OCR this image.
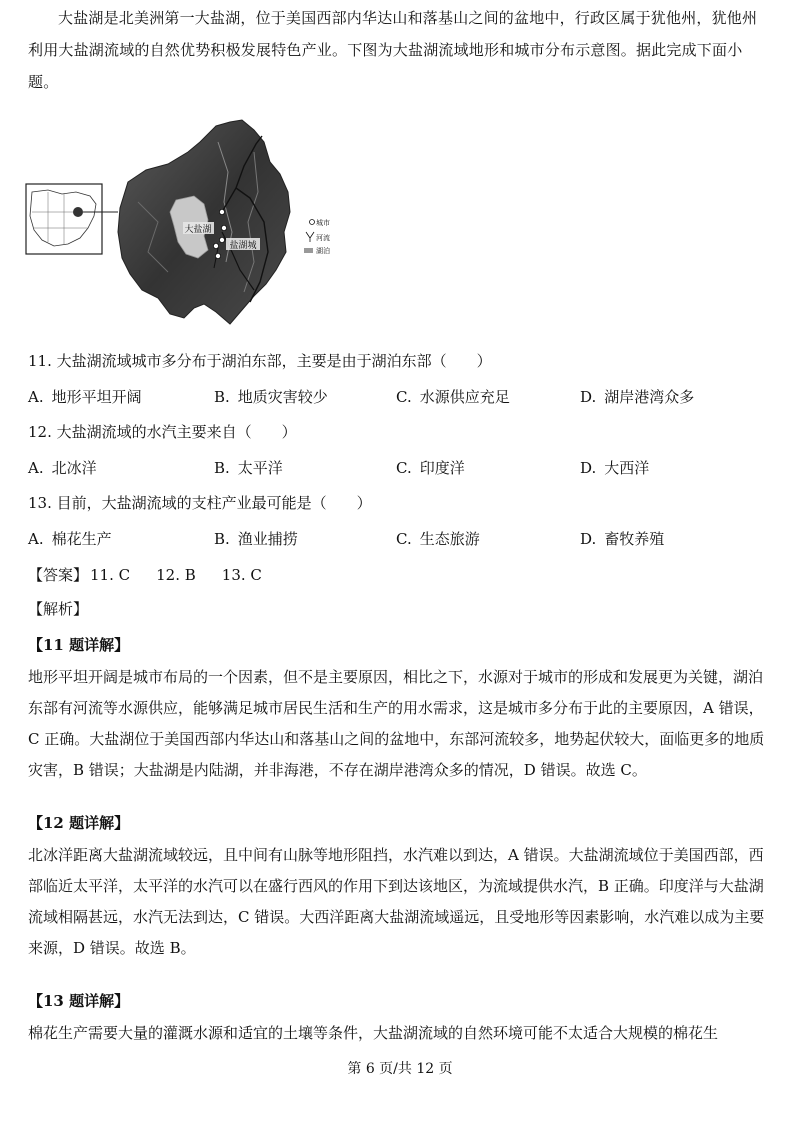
大盐湖是北美洲第一大盐湖，位于美国西部内华达山和落基山之间的盆地中，行政区属于犹他州，犹他州利用大盐湖流域的自然优势积极发展特色产业。下图为大盐湖流域地形和城市分布示意图。据此完成下面小题。

大盐湖
盐湖城
城市
河流
湖泊
11. 大盐湖流域城市多分布于湖泊东部，主要是由于湖泊东部（　　）
A. 地形平坦开阔	B. 地质灾害较少	C. 水源供应充足	D. 湖岸港湾众多
12. 大盐湖流域的水汽主要来自（　　）
A. 北冰洋	B. 太平洋	C. 印度洋	D. 大西洋
13. 目前，大盐湖流域的支柱产业最可能是（　　）
A. 棉花生产	B. 渔业捕捞	C. 生态旅游	D. 畜牧养殖
【答案】 11. C 12. B 13. C
【解析】
【11 题详解】

地形平坦开阔是城市布局的一个因素，但不是主要原因，相比之下，水源对于城市的形成和发展更为关键，湖泊东部有河流等水源供应，能够满足城市居民生活和生产的用水需求，这是城市多分布于此的主要原因，A 错误，C 正确。大盐湖位于美国西部内华达山和落基山之间的盆地中，东部河流较多，地势起伏较大，面临更多的地质灾害，B 错误；大盐湖是内陆湖，并非海港，不存在湖岸港湾众多的情况，D 错误。故选 C。

【12 题详解】

北冰洋距离大盐湖流域较远，且中间有山脉等地形阻挡，水汽难以到达，A 错误。大盐湖流域位于美国西部，西部临近太平洋，太平洋的水汽可以在盛行西风的作用下到达该地区，为流域提供水汽，B 正确。印度洋与大盐湖流域相隔甚远，水汽无法到达，C 错误。大西洋距离大盐湖流域遥远，且受地形等因素影响，水汽难以成为主要来源，D 错误。故选 B。

【13 题详解】

棉花生产需要大量的灌溉水源和适宜的土壤等条件，大盐湖流域的自然环境可能不太适合大规模的棉花生

第 6 页/共 12 页
